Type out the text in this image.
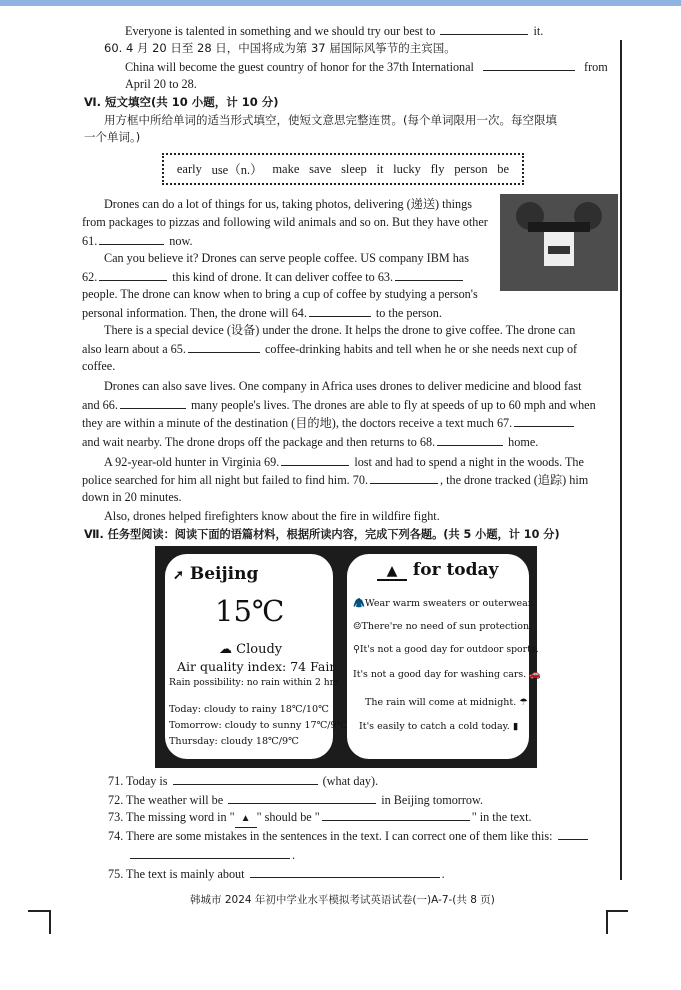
Everyone is talented in something and we should try our best to	it.
60. 4 月 20 日至 28 日，中国将成为第 37 届国际风筝节的主宾国。
China will become the guest country of honor for the 37th International	from
April 20 to 28.
Ⅵ. 短文填空(共 10 小题，计 10 分)
用方框中所给单词的适当形式填空，使短文意思完整连贯。(每个单词限用一次。每空限填
一个单词。)
early use（n.） make save sleep it lucky fly person be
Drones can do a lot of things for us, taking photos, delivering (递送) things
from packages to pizzas and following wild animals and so on. But they have other
61.	now.
Can you believe it? Drones can serve people coffee. US company IBM has
62.	this kind of drone. It can deliver coffee to 63.
people. The drone can know when to bring a cup of coffee by studying a person's
personal information. Then, the drone will 64.	to the person.
There is a special device (设备) under the drone. It helps the drone to give coffee. The drone can
also learn about a 65.	coffee-drinking habits and tell when he or she needs next cup of
coffee.
Drones can also save lives. One company in Africa uses drones to deliver medicine and blood fast
and 66.	many people's lives. The drones are able to fly at speeds of up to 60 mph and when
they are within a minute of the destination (目的地), the doctors receive a text much 67.
and wait nearby. The drone drops off the package and then returns to 68.	home.
A 92-year-old hunter in Virginia 69.	lost and had to spend a night in the woods. The
police searched for him all night but failed to find him. 70.	, the drone tracked (追踪) him
down in 20 minutes.
Also, drones helped firefighters know about the fire in wildfire fight.
Ⅶ. 任务型阅读：阅读下面的语篇材料，根据所读内容，完成下列各题。(共 5 小题，计 10 分)
➚ Beijing
15℃
☁ Cloudy
Air quality index: 74 Fair
Rain possibility: no rain within 2 hrs
Today: cloudy to rainy 18℃/10℃
Tomorrow: cloudy to sunny 17℃/9℃
Thursday: cloudy 18℃/9℃
▲ for today
🧥Wear warm sweaters or outerwear.
☺There're no need of sun protection.
⚲It's not a good day for outdoor sports.
It's not a good day for washing cars. 🚗
The rain will come at midnight. ☂
It's easily to catch a cold today. ▮
71. Today is	(what day).
72. The weather will be	in Beijing tomorrow.
73. The missing word in " ▲ " should be "	" in the text.
74. There are some mistakes in the sentences in the text. I can correct one of them like this:
.
75. The text is mainly about	.
韩城市 2024 年初中学业水平模拟考试英语试卷(一)A-7-(共 8 页)
